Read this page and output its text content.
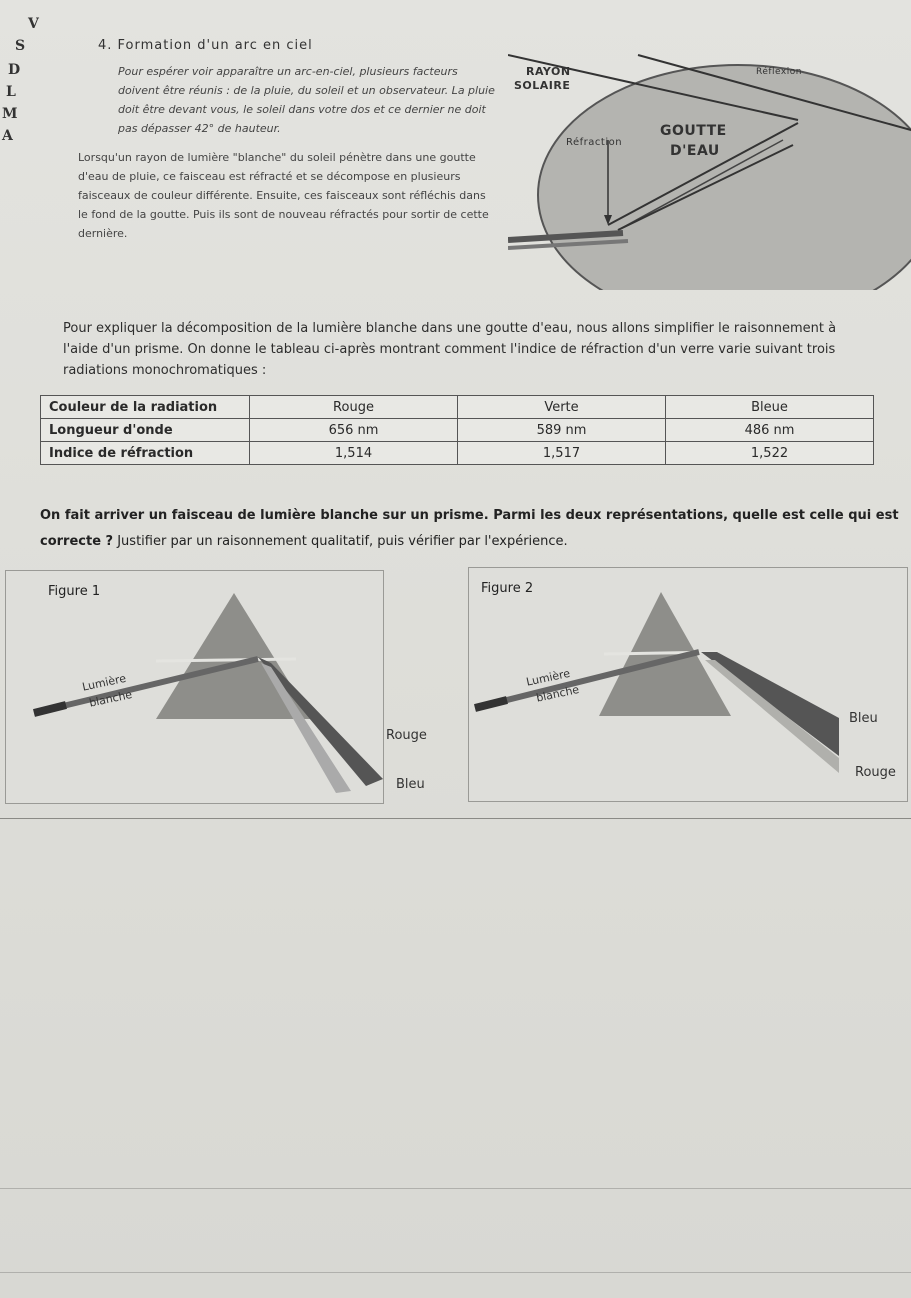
V
S
D
L
M
A
4. Formation d'un arc en ciel
Pour espérer voir apparaître un arc-en-ciel, plusieurs facteurs doivent être réunis : de la pluie, du soleil et un observateur. La pluie doit être devant vous, le soleil dans votre dos et ce dernier ne doit pas dépasser 42° de hauteur.
Lorsqu'un rayon de lumière "blanche" du soleil pénètre dans une goutte d'eau de pluie, ce faisceau est réfracté et se décompose en plusieurs faisceaux de couleur différente. Ensuite, ces faisceaux sont réfléchis dans le fond de la goutte. Puis ils sont de nouveau réfractés pour sortir de cette dernière.
RAYON
SOLAIRE
Réflexion
Réfraction
GOUTTE
D'EAU
Pour expliquer la décomposition de la lumière blanche dans une goutte d'eau, nous allons simplifier le raisonnement à l'aide d'un prisme. On donne le tableau ci-après montrant comment l'indice de réfraction d'un verre varie suivant trois radiations monochromatiques :
Couleur de la radiation	Rouge	Verte	Bleue
Longueur d'onde	656 nm	589 nm	486 nm
Indice de réfraction	1,514	1,517	1,522
On fait arriver un faisceau de lumière blanche sur un prisme. Parmi les deux représentations, quelle est celle qui est correcte ? Justifier par un raisonnement qualitatif, puis vérifier par l'expérience.
Figure 1
Lumière
blanche
Rouge
Bleu
Figure 2
Lumière
blanche
Bleu
Rouge
